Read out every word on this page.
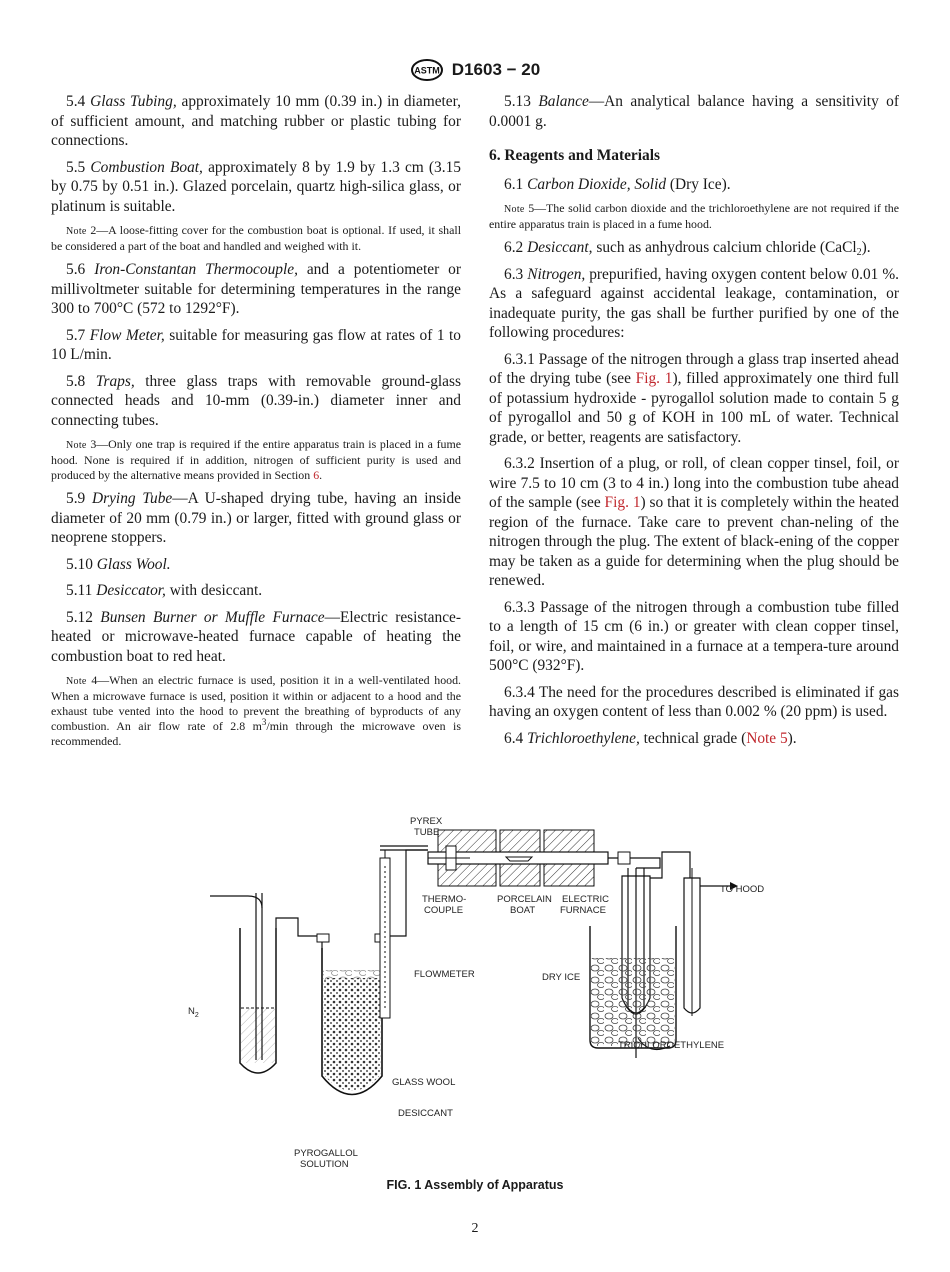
ASTM D1603 − 20

5.4 Glass Tubing, approximately 10 mm (0.39 in.) in diameter, of sufficient amount, and matching rubber or plastic tubing for connections.

5.5 Combustion Boat, approximately 8 by 1.9 by 1.3 cm (3.15 by 0.75 by 0.51 in.). Glazed porcelain, quartz high-silica glass, or platinum is suitable.

Note 2—A loose-fitting cover for the combustion boat is optional. If used, it shall be considered a part of the boat and handled and weighed with it.

5.6 Iron-Constantan Thermocouple, and a potentiometer or millivoltmeter suitable for determining temperatures in the range 300 to 700°C (572 to 1292°F).

5.7 Flow Meter, suitable for measuring gas flow at rates of 1 to 10 L/min.

5.8 Traps, three glass traps with removable ground-glass connected heads and 10-mm (0.39-in.) diameter inner and connecting tubes.

Note 3—Only one trap is required if the entire apparatus train is placed in a fume hood. None is required if in addition, nitrogen of sufficient purity is used and produced by the alternative means provided in Section 6.

5.9 Drying Tube—A U-shaped drying tube, having an inside diameter of 20 mm (0.79 in.) or larger, fitted with ground glass or neoprene stoppers.

5.10 Glass Wool.

5.11 Desiccator, with desiccant.

5.12 Bunsen Burner or Muffle Furnace—Electric resistance-heated or microwave-heated furnace capable of heating the combustion boat to red heat.

Note 4—When an electric furnace is used, position it in a well-ventilated hood. When a microwave furnace is used, position it within or adjacent to a hood and the exhaust tube vented into the hood to prevent the breathing of byproducts of any combustion. An air flow rate of 2.8 $m^3/\min$ through the microwave oven is recommended.

5.13 Balance—An analytical balance having a sensitivity of 0.0001 g.

6. Reagents and Materials

6.1 Carbon Dioxide, Solid (Dry Ice).

Note 5—The solid carbon dioxide and the trichloroethylene are not required if the entire apparatus train is placed in a fume hood.

6.2 Desiccant, such as anhydrous calcium chloride (CaCl$_2$).

6.3 Nitrogen, prepurified, having oxygen content below 0.01 %. As a safeguard against accidental leakage, contamination, or inadequate purity, the gas shall be further purified by one of the following procedures:

6.3.1 Passage of the nitrogen through a glass trap inserted ahead of the drying tube (see Fig. 1), filled approximately one third full of potassium hydroxide - pyrogallol solution made to contain 5 g of pyrogallol and 50 g of KOH in 100 mL of water. Technical grade, or better, reagents are satisfactory.

6.3.2 Insertion of a plug, or roll, of clean copper tinsel, foil, or wire 7.5 to 10 cm (3 to 4 in.) long into the combustion tube ahead of the sample (see Fig. 1) so that it is completely within the heated region of the furnace. Take care to prevent chan-neling of the nitrogen through the plug. The extent of black-ening of the copper may be taken as a guide for determining when the plug should be renewed.

6.3.3 Passage of the nitrogen through a combustion tube filled to a length of 15 cm (6 in.) or greater with clean copper tinsel, foil, or wire, and maintained in a furnace at a tempera-ture around 500°C (932°F).

6.3.4 The need for the procedures described is eliminated if gas having an oxygen content of less than 0.002 % (20 ppm) is used.

6.4 Trichloroethylene, technical grade (Note 5).

PYREX
TUBE
THERMO-
COUPLE
PORCELAIN
BOAT
ELECTRIC
FURNACE
TO HOOD
FLOWMETER	DRY ICE
$N_2$
TRICHLOROETHYLENE
GLASS WOOL
DESICCANT
PYROGALLOL
SOLUTION
FIG. 1 Assembly of Apparatus
2
